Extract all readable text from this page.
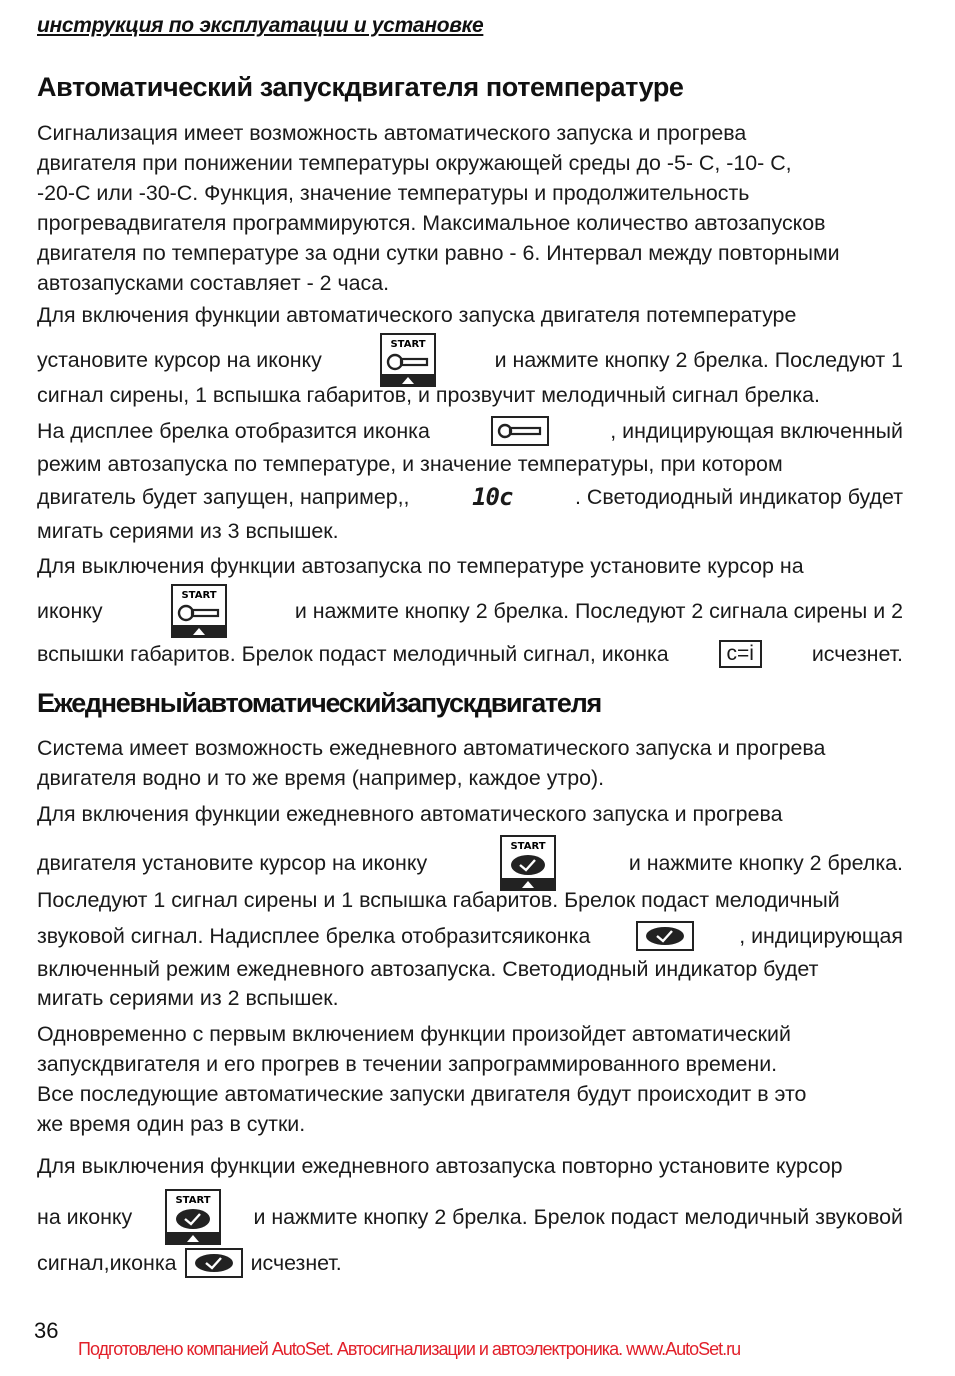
инструкция по эксплуатации и установке
Автоматический запускдвигателя потемпературе

Сигнализация имеет возможность автоматического запуска и прогрева

двигателя при понижении температуры окружающей среды до -5- С, -10- С,

-20-С или -30-С. Функция, значение температуры и продолжительность

прогревадвигателя программируются. Максимальное количество автозапусков

двигателя по температуре за одни сутки равно - 6. Интервал между повторными

автозапусками составляет - 2 часа.

Для включения функции автоматического запуска двигателя потемпературе
установите курсор на иконку
START
и нажмите кнопку 2 брелка. Последуют 1
сигнал сирены, 1 вспышка габаритов, и прозвучит мелодичный сигнал брелка.
На дисплее брелка отобразится иконка	, индицирующая включенный
режим автозапуска по температуре, и значение температуры, при котором
двигатель будет запущен, например,,	10c	. Светодиодный индикатор будет
мигать сериями из 3 вспышек.
Для выключения функции автозапуска по температуре установите курсор на
иконку
START
и нажмите кнопку 2 брелка. Последуют 2 сигнала сирены и 2
вспышки габаритов. Брелок подаст мелодичный сигнал, иконка	c=i	исчезнет.
Ежедневныйавтоматическийзапускдвигателя

Система имеет возможность ежедневного автоматического запуска и прогрева

двигателя водно и то же время (например, каждое утро).

Для включения функции ежедневного автоматического запуска и прогрева
двигателя установите курсор на иконку
START
и нажмите кнопку 2 брелка.
Последуют 1 сигнал сирены и 1 вспышка габаритов. Брелок подаст мелодичный
звуковой сигнал. Надисплее брелка отобразитсяиконка	, индицирующая
включенный режим ежедневного автозапуска. Светодиодный индикатор будет
мигать сериями из 2 вспышек.

Одновременно с первым включением функции произойдет автоматический

запускдвигателя и его прогрев в течении запрограммированного времени.

Все последующие автоматические запуски двигателя будут происходит в это

же время один раз в сутки.

Для выключения функции ежедневного автозапуска повторно установите курсор
на иконку
START
и нажмите кнопку 2 брелка. Брелок подаст мелодичный звуковой
сигнал,иконка	исчезнет.
36
Подготовлено компанией AutoSet. Автосигнализации и автоэлектроника. www.AutoSet.ru
